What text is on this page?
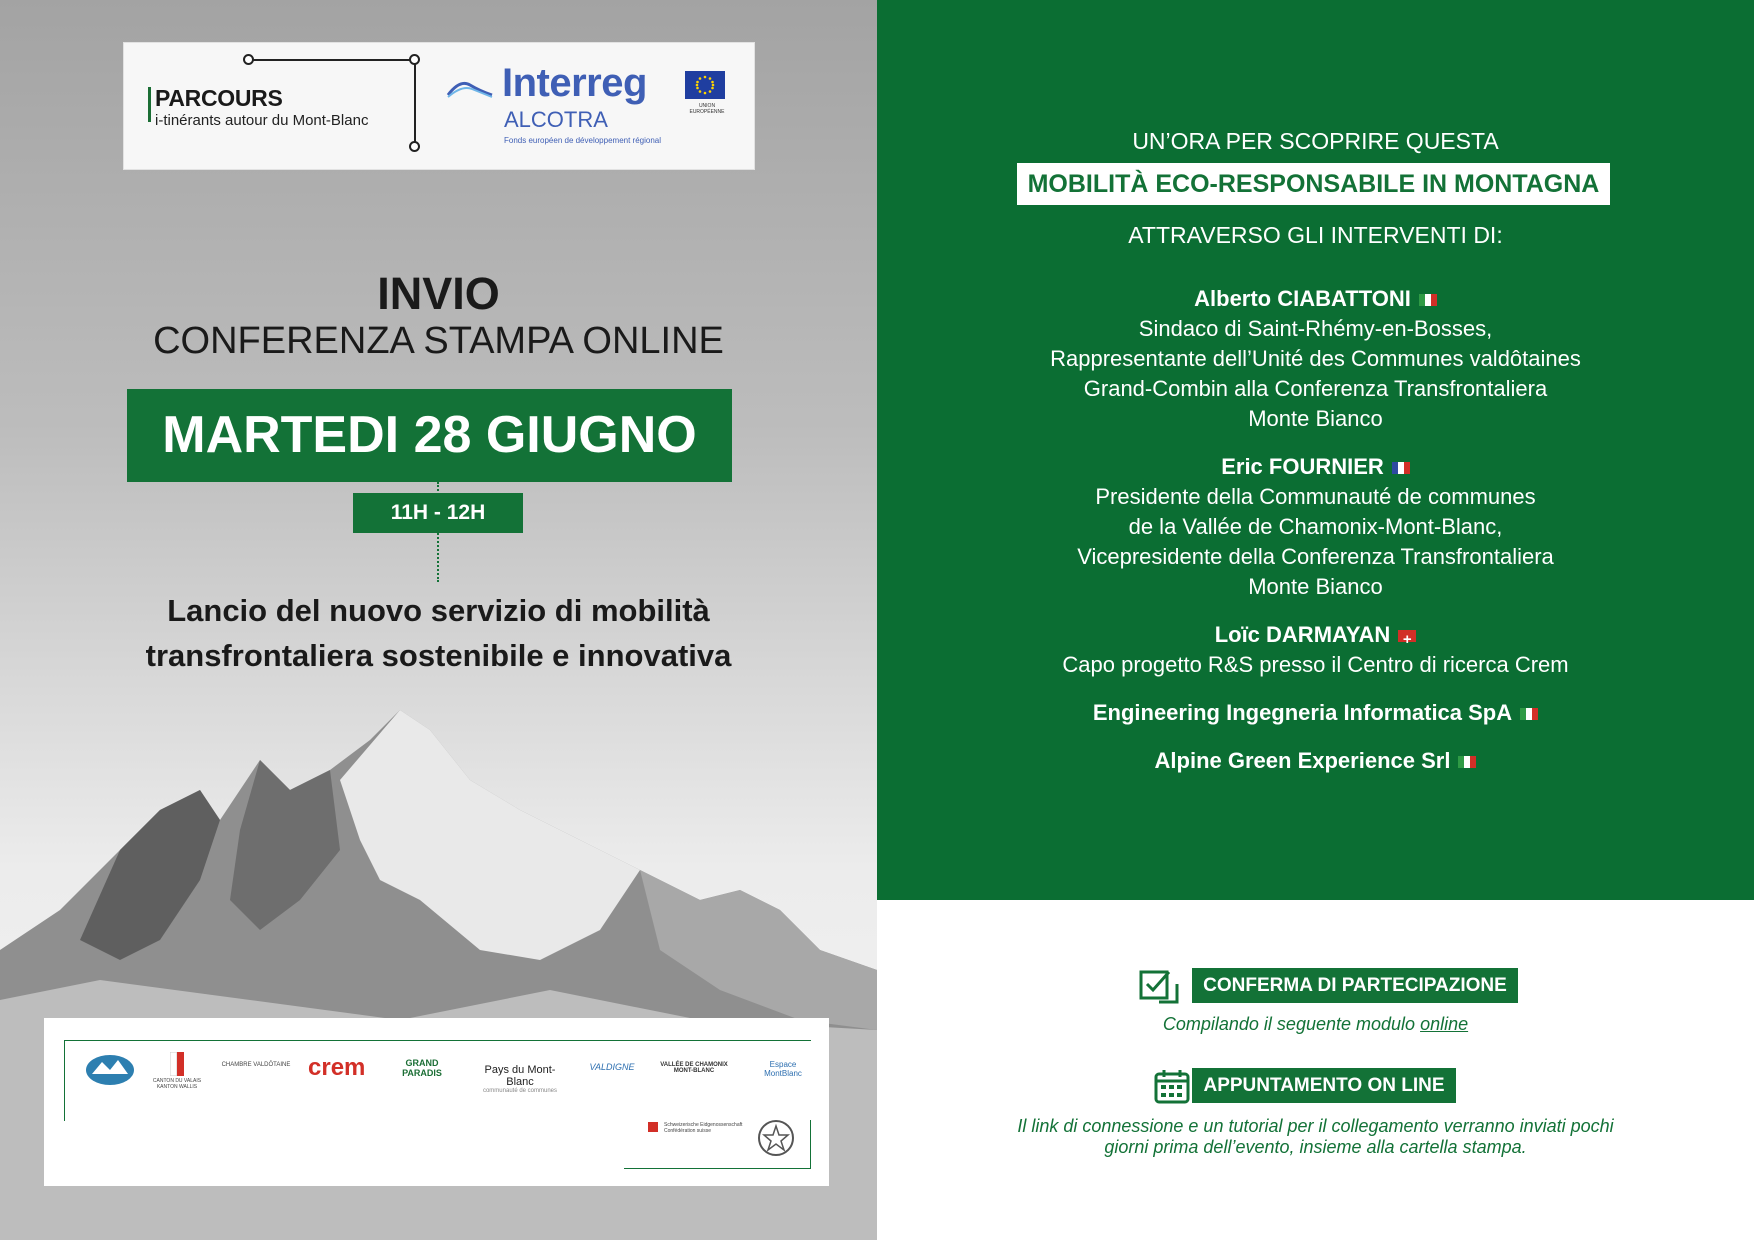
PARCOURS
i-tinérants autour du Mont-Blanc
Interreg
ALCOTRA
Fonds européen de développement régional
UNION EUROPÉENNE
INVIO
CONFERENZA STAMPA ONLINE
MARTEDI 28 GIUGNO
11H - 12H
Lancio del nuovo servizio di mobilità
transfrontaliera sostenibile e innovativa
CANTON DU VALAIS KANTON WALLIS
CHAMBRE VALDÔTAINE crem	GRAND PARADIS	Pays du Mont-Blanc
communauté de communes
VALDIGNE	VALLÉE DE CHAMONIX MONT-BLANC
Espace MontBlanc
Schweizerische Eidgenossenschaft Confédération suisse
UN’ORA PER SCOPRIRE QUESTA
MOBILITÀ ECO-RESPONSABILE IN MONTAGNA
ATTRAVERSO GLI INTERVENTI DI:
Alberto CIABATTONI
Sindaco di Saint-Rhémy-en-Bosses,
Rappresentante dell’Unité des Communes valdôtaines
Grand-Combin alla Conferenza Transfrontaliera
Monte Bianco
Eric FOURNIER
Presidente della Communauté de communes
de la Vallée de Chamonix-Mont-Blanc,
Vicepresidente della Conferenza Transfrontaliera
Monte Bianco
Loïc DARMAYAN+
Capo progetto R&S presso il Centro di ricerca Crem
Engineering Ingegneria Informatica SpA
Alpine Green Experience Srl
CONFERMA DI PARTECIPAZIONE
Compilando il seguente modulo online
APPUNTAMENTO ON LINE
Il link di connessione e un tutorial per il collegamento verranno inviati pochi
giorni prima dell’evento, insieme alla cartella stampa.
